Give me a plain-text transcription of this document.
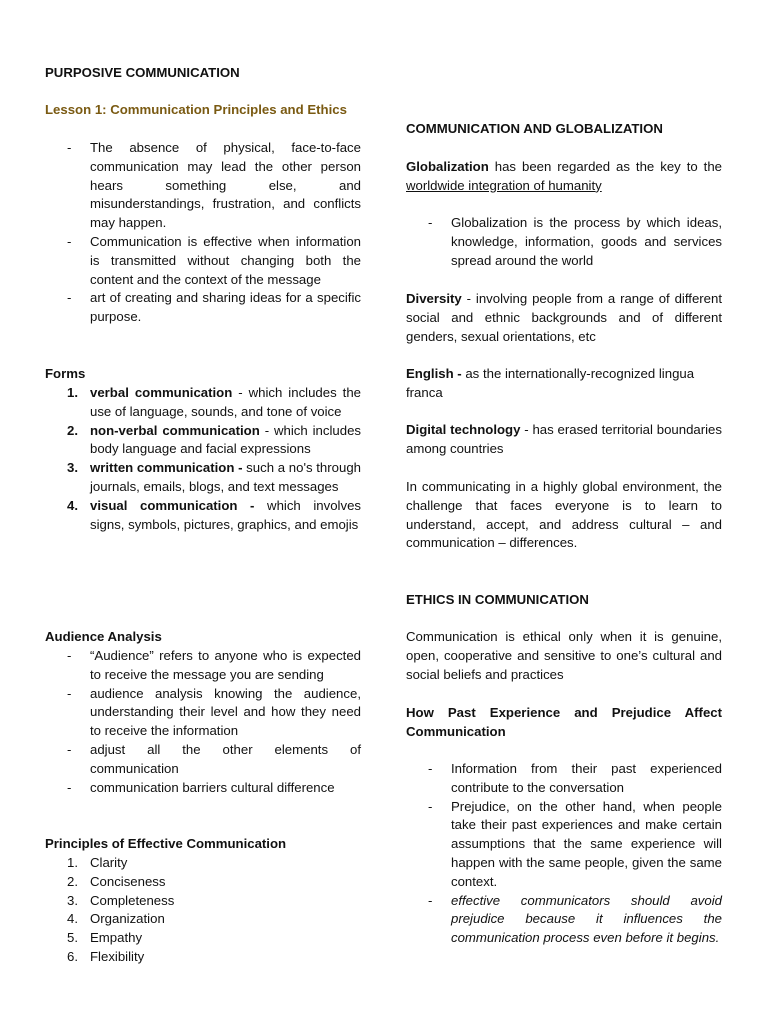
PURPOSIVE COMMUNICATION
Lesson 1: Communication Principles and Ethics
- The absence of physical, face-to-face communication may lead the other person hears something else, and misunderstandings, frustration, and conflicts may happen.
- Communication is effective when information is transmitted without changing both the content and the context of the message
- art of creating and sharing ideas for a specific purpose.
Forms
1. verbal communication - which includes the use of language, sounds, and tone of voice
2. non-verbal communication - which includes body language and facial expressions
3. written communication - such a no's through journals, emails, blogs, and text messages
4. visual communication - which involves signs, symbols, pictures, graphics, and emojis
Audience Analysis
- “Audience” refers to anyone who is expected to receive the message you are sending
- audience analysis knowing the audience, understanding their level and how they need to receive the information
- adjust all the other elements of communication
- communication barriers cultural difference
Principles of Effective Communication
1. Clarity
2. Conciseness
3. Completeness
4. Organization
5. Empathy
6. Flexibility
COMMUNICATION AND GLOBALIZATION
Globalization has been regarded as the key to the worldwide integration of humanity
- Globalization is the process by which ideas, knowledge, information, goods and services spread around the world
Diversity - involving people from a range of different social and ethnic backgrounds and of different genders, sexual orientations, etc
English - as the internationally-recognized lingua franca
Digital technology - has erased territorial boundaries among countries
In communicating in a highly global environment, the challenge that faces everyone is to learn to understand, accept, and address cultural – and communication – differences.
ETHICS IN COMMUNICATION
Communication is ethical only when it is genuine, open, cooperative and sensitive to one’s cultural and social beliefs and practices
How Past Experience and Prejudice Affect Communication
- Information from their past experienced contribute to the conversation
- Prejudice, on the other hand, when people take their past experiences and make certain assumptions that the same experience will happen with the same people, given the same context.
- effective communicators should avoid prejudice because it influences the communication process even before it begins.
